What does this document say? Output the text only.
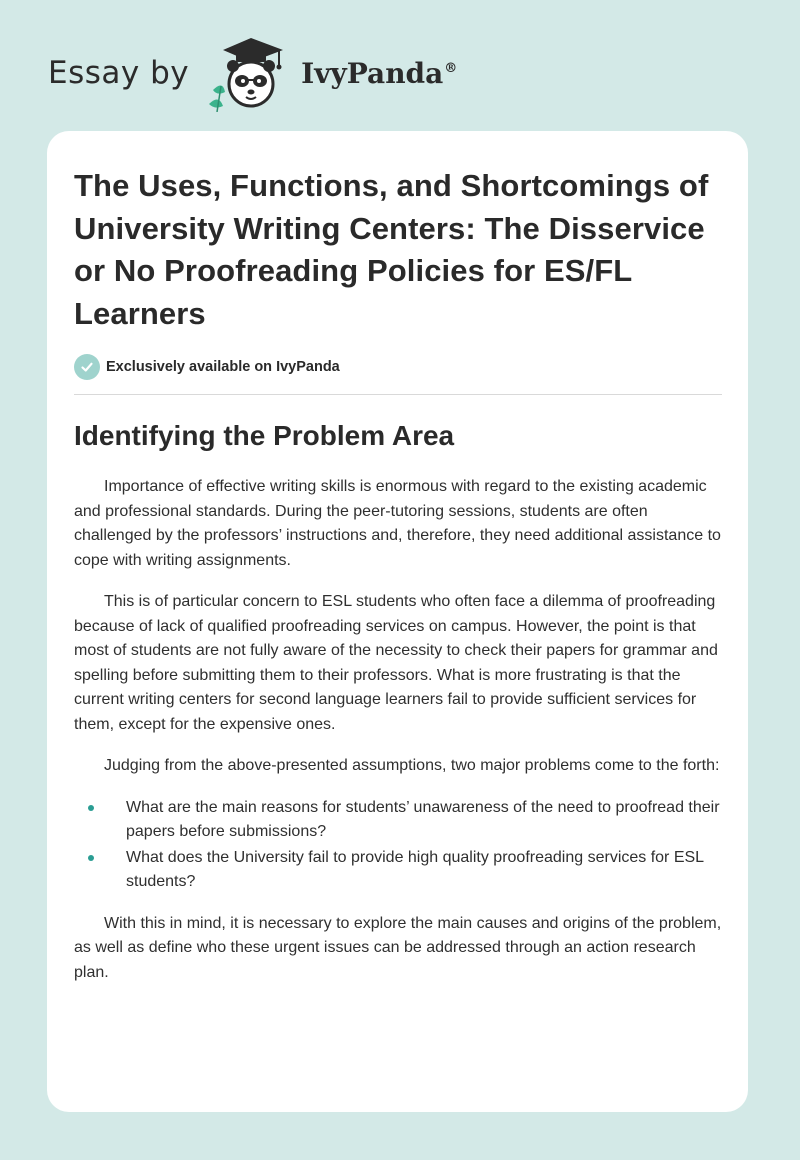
Essay by	IvyPanda®
The Uses, Functions, and Shortcomings of University Writing Centers: The Disservice or No Proofreading Policies for ES/FL Learners
Exclusively available on IvyPanda
Identifying the Problem Area

Importance of effective writing skills is enormous with regard to the existing academic and professional standards. During the peer-tutoring sessions, students are often challenged by the professors’ instructions and, therefore, they need additional assistance to cope with writing assignments.

This is of particular concern to ESL students who often face a dilemma of proofreading because of lack of qualified proofreading services on campus. However, the point is that most of students are not fully aware of the necessity to check their papers for grammar and spelling before submitting them to their professors. What is more frustrating is that the current writing centers for second language learners fail to provide sufficient services for them, except for the expensive ones.

Judging from the above-presented assumptions, two major problems come to the forth:

What are the main reasons for students’ unawareness of the need to proofread their papers before submissions?
What does the University fail to provide high quality proofreading services for ESL students?

With this in mind, it is necessary to explore the main causes and origins of the problem, as well as define who these urgent issues can be addressed through an action research plan.
